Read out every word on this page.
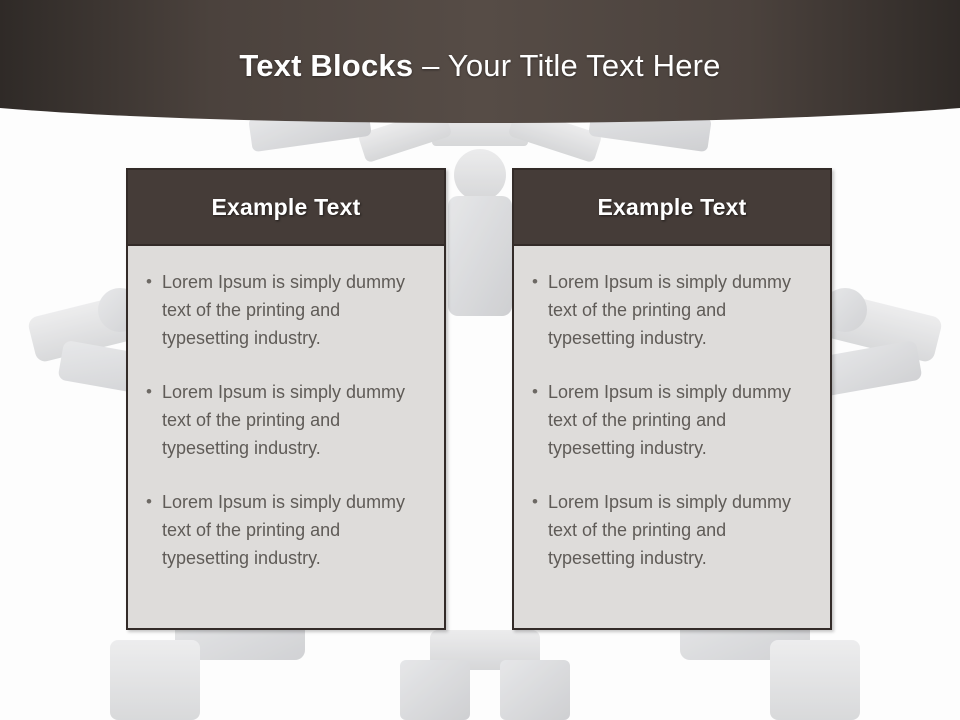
Text Blocks – Your Title Text Here
Example Text
• Lorem Ipsum is simply dummy text of the printing and typesetting industry.
• Lorem Ipsum is simply dummy text of the printing and typesetting industry.
• Lorem Ipsum is simply dummy text of the printing and typesetting industry.
Example Text
• Lorem Ipsum is simply dummy text of the printing and typesetting industry.
• Lorem Ipsum is simply dummy text of the printing and typesetting industry.
• Lorem Ipsum is simply dummy text of the printing and typesetting industry.
